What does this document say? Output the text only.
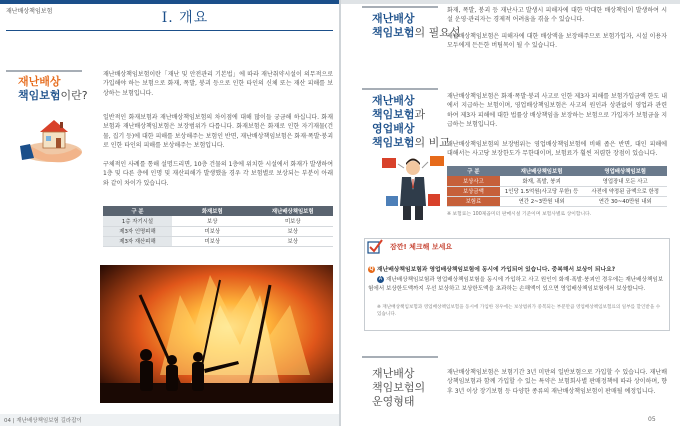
재난배상책임보험	Ⅰ. 개요
재난배상
책임보험이란?
재난배상책임보험이란「재난 및 안전관리 기본법」에 따라 재난취약시설이 의무적으로 가입해야 하는 보험으로 화재, 폭발, 붕괴 등으로 인한 타인의 신체 또는 재산 피해를 보상하는 보험입니다.
일반적인 화재보험과 재난배상책임보험의 차이점에 대해 많이들 궁금해 하십니다. 화재보험과 재난배상책임보험은 보장범위가 다릅니다. 화재보험은 화재로 인한 자기재물(건물, 집기 등)에 대한 피해를 보상해주는 보험인 반면, 재난배상책임보험은 화재·폭발·붕괴로 인한 타인의 피해를 보상해주는 보험입니다.
구체적인 사례를 통해 설명드리면, 10층 건물의 1층에 위치한 시설에서 화재가 발생하여 1층 및 다른 층에 인명 및 재산피해가 발생했을 경우 각 보험별로 보상되는 부분이 아래와 같이 차이가 있습니다.
구 분	화재보험	재난배상책임보험
1층 자기시설	보상	미보상
제3자 인명피해	미보상	보상
제3자 재산피해	미보상	보상
04 | 재난배상책임보험 길라잡이
재난배상
책임보험의 필요성
화재, 폭발, 붕괴 등 재난사고 발생시 피해자에 대한 막대한 배상책임이 발생하여 시설 운영·관리자는 경제적 어려움을 겪을 수 있습니다.
재난배상책임보험은 피해자에 대한 배상액을 보장해주므로 보험가입자, 시설 이용자 모두에게 든든한 버팀목이 될 수 있습니다.
재난배상
책임보험과
영업배상
책임보험의 비교
재난배상책임보험은 화재·폭발·붕괴 사고로 인한 제3자 피해를 보험가입금액 한도 내에서 지급하는 보험이며, 영업배상책임보험은 사고의 원인과 상관없이 영업과 관련하여 제3자 피해에 대한 법률상 배상책임을 보장하는 보험으로 가입자가 보험금을 지급하는 보험입니다.
재난배상책임보험의 보장범위는 영업배상책임보험에 비해 좁은 반면, 대인 피해에 대해서는 사고당 보장한도가 무한대이며, 보험료가 훨씬 저렴한 장점이 있습니다.
구 분	재난배상책임보험	영업배상책임보험
보상사고	화재, 폭발, 붕괴	영업장내 모든 사고
보상금액	1인당 1.5억원(사고당 무한) 등	사전에 약정된 금액으로 한정
보험료	연간 2~3만원 내외	연간 30~40만원 내외
※ 보험료는 100제곱미터 판매시설 기준이며 보험사별로 상이합니다.
잠깐! 체크해 보세요
Q 재난배상책임보험과 영업배상책임보험에 동시에 가입되어 있습니다. 중복해서 보상이 되나요?
A 재난배상책임보험과 영업배상책임보험을 동시에 가입하고 사고 원인이 화재·폭발·붕괴인 경우에는 재난배상책임보험에서 보상한도액까지 우선 보상하고 보상한도액을 초과하는 손해액이 있으면 영업배상책임보험에서 보상합니다.
※ 재난배상책임보험과 영업배상책임보험을 동시에 가입한 경우에는 보상범위가 중복되는 부분만큼 영업배상책임보험료의 일부를 할인받을 수 있습니다.
재난배상
책임보험의
운영형태
재난배상책임보험은 보험기간 3년 미만의 일반보험으로 가입할 수 있습니다. 재난배상책임보험과 함께 가입할 수 있는 특약은 보험회사별 판매정책에 따라 상이하며, 향후 3년 이상 장기보험 등 다양한 종류의 재난배상책임보험이 판매될 예정입니다.
05
